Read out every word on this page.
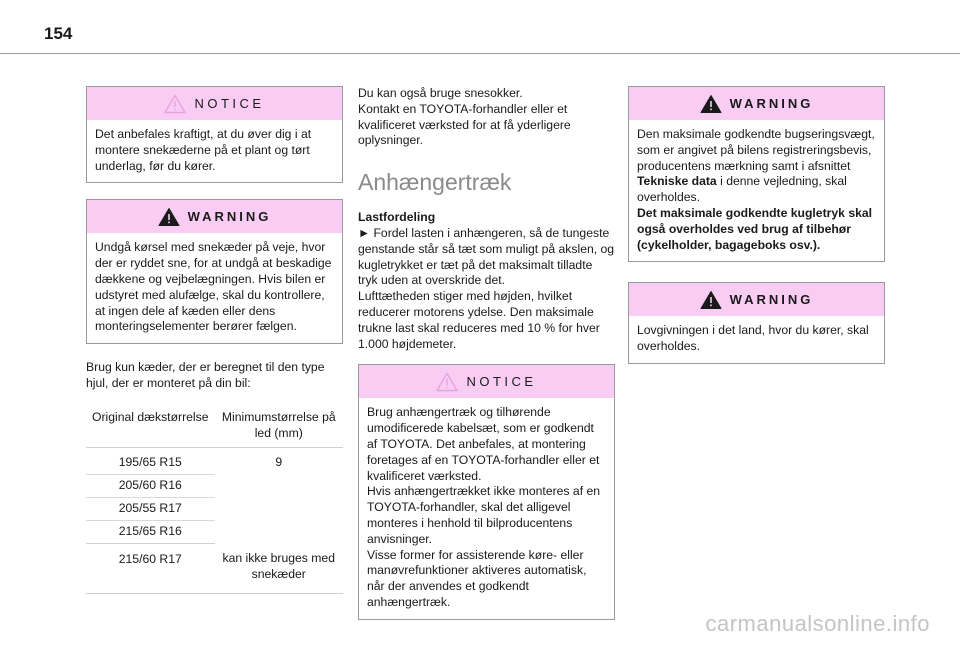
154
NOTICE

Det anbefales kraftigt, at du øver dig i at montere snekæderne på et plant og tørt underlag, før du kører.

WARNING

Undgå kørsel med snekæder på veje, hvor der er ryddet sne, for at undgå at beskadige dækkene og vejbelægningen. Hvis bilen er udstyret med alufælge, skal du kontrollere, at ingen dele af kæden eller dens monteringselementer berører fælgen.

Brug kun kæder, der er beregnet til den type hjul, der er monteret på din bil:

Original dækstørrelse	Minimumstørrelse på led (mm)
195/65 R15	9
205/60 R16	
205/55 R17	
215/65 R16	
215/60 R17	kan ikke bruges med snekæder

Du kan også bruge snesokker.

Kontakt en TOYOTA-forhandler eller et kvalificeret værksted for at få yderligere oplysninger.

Anhængertræk

Lastfordeling

► Fordel lasten i anhængeren, så de tungeste genstande står så tæt som muligt på akslen, og kugletrykket er tæt på det maksimalt tilladte tryk uden at overskride det.

Lufttætheden stiger med højden, hvilket reducerer motorens ydelse. Den maksimale trukne last skal reduceres med 10 % for hver 1.000 højdemeter.

NOTICE

Brug anhængertræk og tilhørende umodificerede kabelsæt, som er godkendt af TOYOTA. Det anbefales, at montering foretages af en TOYOTA-forhandler eller et kvalificeret værksted.

Hvis anhængertrækket ikke monteres af en TOYOTA-forhandler, skal det alligevel monteres i henhold til bilproducentens anvisninger.

Visse former for assisterende køre- eller manøvrefunktioner aktiveres automatisk, når der anvendes et godkendt anhængertræk.

WARNING

Den maksimale godkendte bugseringsvægt, som er angivet på bilens registreringsbevis, producentens mærkning samt i afsnittet Tekniske data i denne vejledning, skal overholdes.

Det maksimale godkendte kugletryk skal også overholdes ved brug af tilbehør (cykelholder, bagageboks osv.).

WARNING

Lovgivningen i det land, hvor du kører, skal overholdes.

carmanualsonline.info
